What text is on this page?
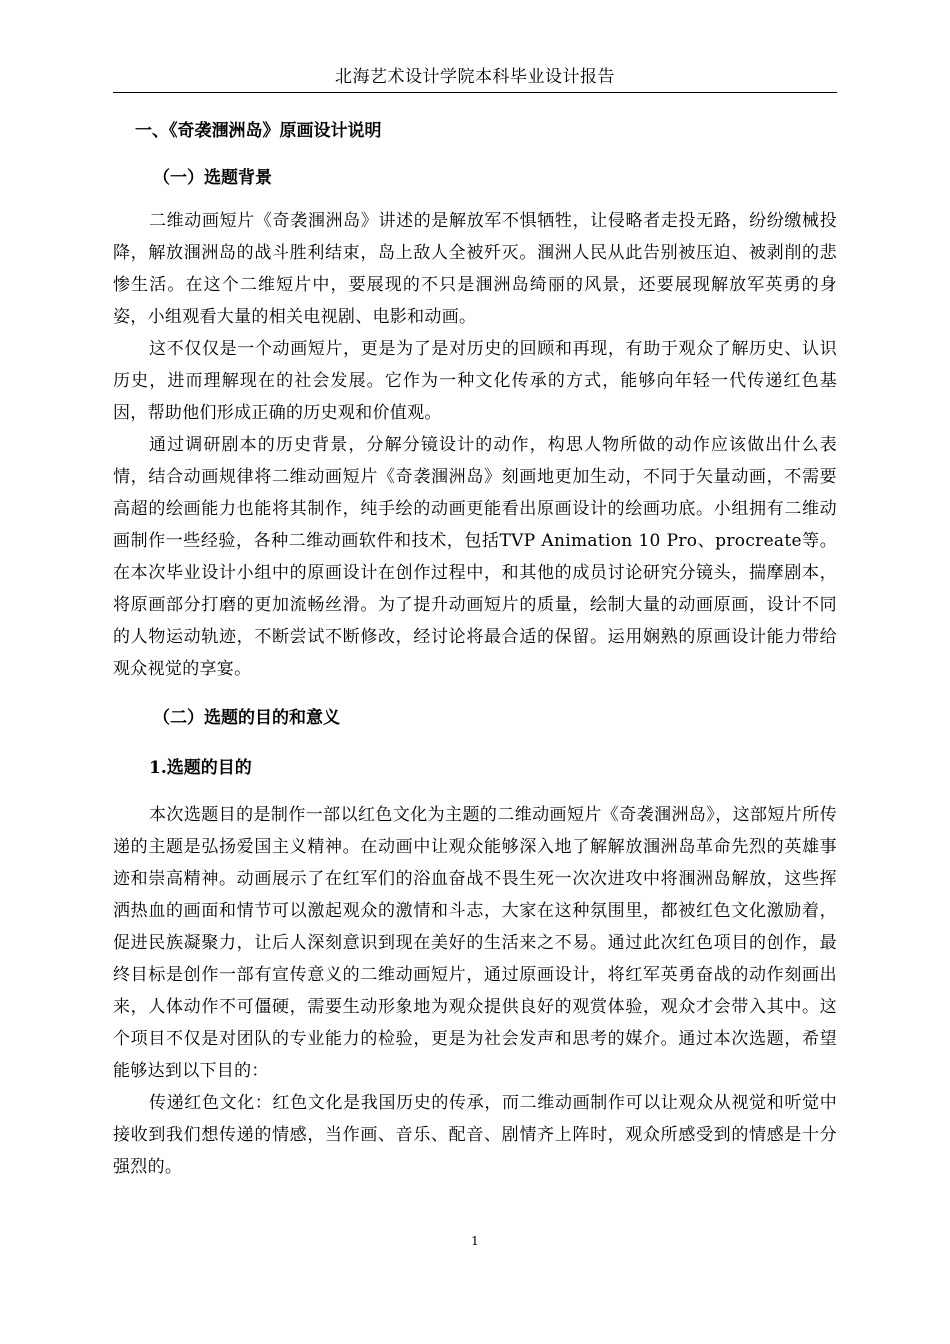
北海艺术设计学院本科毕业设计报告
一、《奇袭涠洲岛》原画设计说明
（一）选题背景

二维动画短片《奇袭涠洲岛》讲述的是解放军不惧牺牲，让侵略者走投无路，纷纷缴械投降，解放涠洲岛的战斗胜利结束，岛上敌人全被歼灭。涠洲人民从此告别被压迫、被剥削的悲惨生活。在这个二维短片中，要展现的不只是涠洲岛绮丽的风景，还要展现解放军英勇的身姿，小组观看大量的相关电视剧、电影和动画。

这不仅仅是一个动画短片，更是为了是对历史的回顾和再现，有助于观众了解历史、认识历史，进而理解现在的社会发展。它作为一种文化传承的方式，能够向年轻一代传递红色基因，帮助他们形成正确的历史观和价值观。

通过调研剧本的历史背景，分解分镜设计的动作，构思人物所做的动作应该做出什么表情，结合动画规律将二维动画短片《奇袭涠洲岛》刻画地更加生动，不同于矢量动画，不需要高超的绘画能力也能将其制作，纯手绘的动画更能看出原画设计的绘画功底。小组拥有二维动画制作一些经验，各种二维动画软件和技术，包括TVP Animation 10 Pro、procreate等。在本次毕业设计小组中的原画设计在创作过程中，和其他的成员讨论研究分镜头，揣摩剧本，将原画部分打磨的更加流畅丝滑。为了提升动画短片的质量，绘制大量的动画原画，设计不同的人物运动轨迹，不断尝试不断修改，经讨论将最合适的保留。运用娴熟的原画设计能力带给观众视觉的享宴。

（二）选题的目的和意义
1.选题的目的

本次选题目的是制作一部以红色文化为主题的二维动画短片《奇袭涠洲岛》，这部短片所传递的主题是弘扬爱国主义精神。在动画中让观众能够深入地了解解放涠洲岛革命先烈的英雄事迹和崇高精神。动画展示了在红军们的浴血奋战不畏生死一次次进攻中将涠洲岛解放，这些挥洒热血的画面和情节可以激起观众的激情和斗志，大家在这种氛围里，都被红色文化激励着，促进民族凝聚力，让后人深刻意识到现在美好的生活来之不易。通过此次红色项目的创作，最终目标是创作一部有宣传意义的二维动画短片，通过原画设计，将红军英勇奋战的动作刻画出来，人体动作不可僵硬，需要生动形象地为观众提供良好的观赏体验，观众才会带入其中。这个项目不仅是对团队的专业能力的检验，更是为社会发声和思考的媒介。通过本次选题，希望能够达到以下目的：

传递红色文化：红色文化是我国历史的传承，而二维动画制作可以让观众从视觉和听觉中接收到我们想传递的情感，当作画、音乐、配音、剧情齐上阵时，观众所感受到的情感是十分强烈的。

1
